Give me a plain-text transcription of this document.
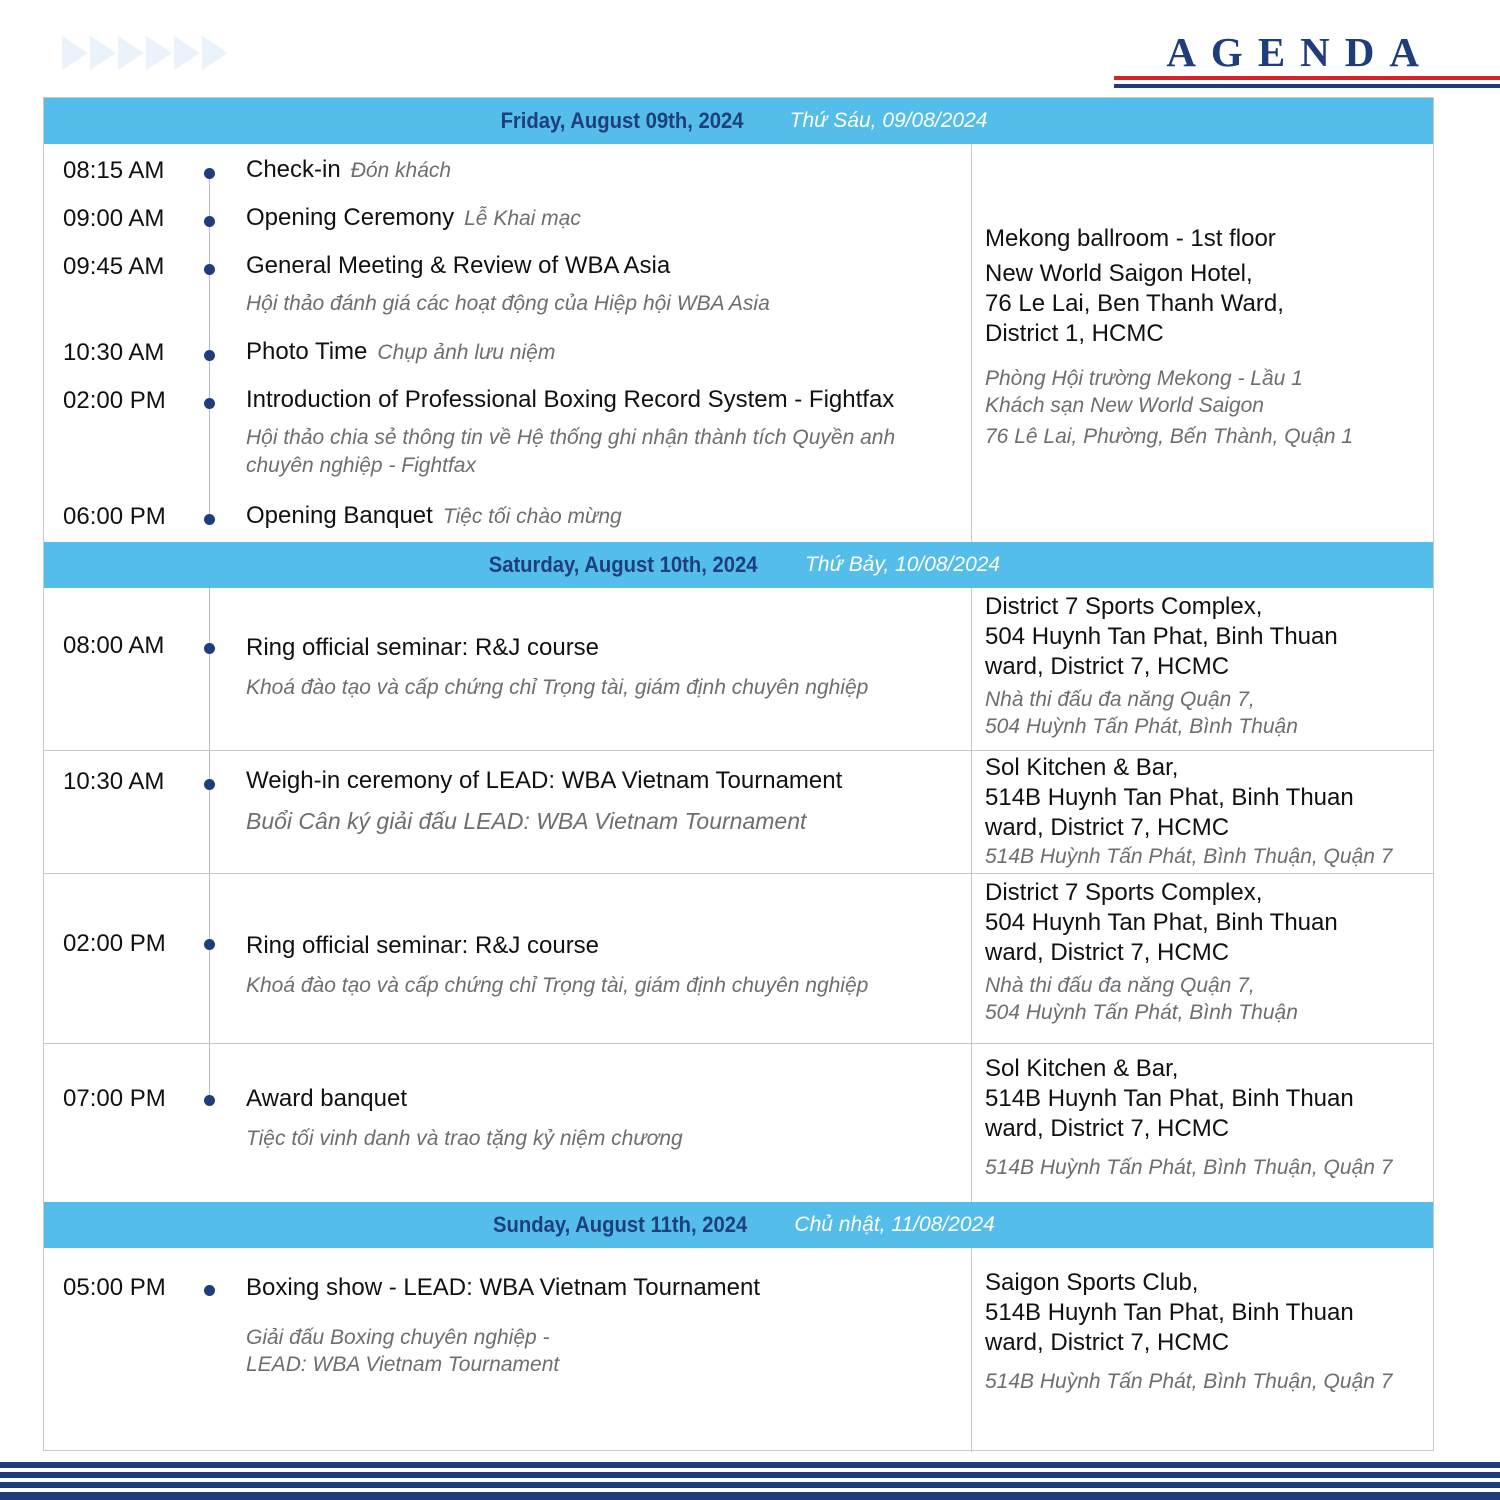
AGENDA
Friday, August 09th, 2024 Thứ Sáu, 09/08/2024
08:15 AM	Check-in Đón khách
09:00 AM	Opening Ceremony Lễ Khai mạc
09:45 AM	General Meeting & Review of WBA Asia
Hội thảo đánh giá các hoạt động của Hiệp hội WBA Asia
10:30 AM	Photo Time Chụp ảnh lưu niệm
02:00 PM	Introduction of Professional Boxing Record System - Fightfax
Hội thảo chia sẻ thông tin về Hệ thống ghi nhận thành tích Quyền anh chuyên nghiệp - Fightfax
06:00 PM	Opening Banquet Tiệc tối chào mừng
Mekong ballroom - 1st floor
New World Saigon Hotel,
76 Le Lai, Ben Thanh Ward,
District 1, HCMC
Phòng Hội trường Mekong - Lầu 1
Khách sạn New World Saigon
76 Lê Lai, Phường, Bến Thành, Quận 1
Saturday, August 10th, 2024 Thứ Bảy, 10/08/2024
08:00 AM	Ring official seminar: R&J course
Khoá đào tạo và cấp chứng chỉ Trọng tài, giám định chuyên nghiệp
District 7 Sports Complex,
504 Huynh Tan Phat, Binh Thuan
ward, District 7, HCMC
Nhà thi đấu đa năng Quận 7,
504 Huỳnh Tấn Phát, Bình Thuận
10:30 AM	Weigh-in ceremony of LEAD: WBA Vietnam Tournament
Buổi Cân ký giải đấu LEAD: WBA Vietnam Tournament
Sol Kitchen & Bar,
514B Huynh Tan Phat, Binh Thuan
ward, District 7, HCMC
514B Huỳnh Tấn Phát, Bình Thuận, Quận 7
02:00 PM	Ring official seminar: R&J course
Khoá đào tạo và cấp chứng chỉ Trọng tài, giám định chuyên nghiệp
District 7 Sports Complex,
504 Huynh Tan Phat, Binh Thuan
ward, District 7, HCMC
Nhà thi đấu đa năng Quận 7,
504 Huỳnh Tấn Phát, Bình Thuận
07:00 PM	Award banquet
Tiệc tối vinh danh và trao tặng kỷ niệm chương
Sol Kitchen & Bar,
514B Huynh Tan Phat, Binh Thuan
ward, District 7, HCMC
514B Huỳnh Tấn Phát, Bình Thuận, Quận 7
Sunday, August 11th, 2024 Chủ nhật, 11/08/2024
05:00 PM	Boxing show - LEAD: WBA Vietnam Tournament
Giải đấu Boxing chuyên nghiệp -
LEAD: WBA Vietnam Tournament
Saigon Sports Club,
514B Huynh Tan Phat, Binh Thuan
ward, District 7, HCMC
514B Huỳnh Tấn Phát, Bình Thuận, Quận 7
